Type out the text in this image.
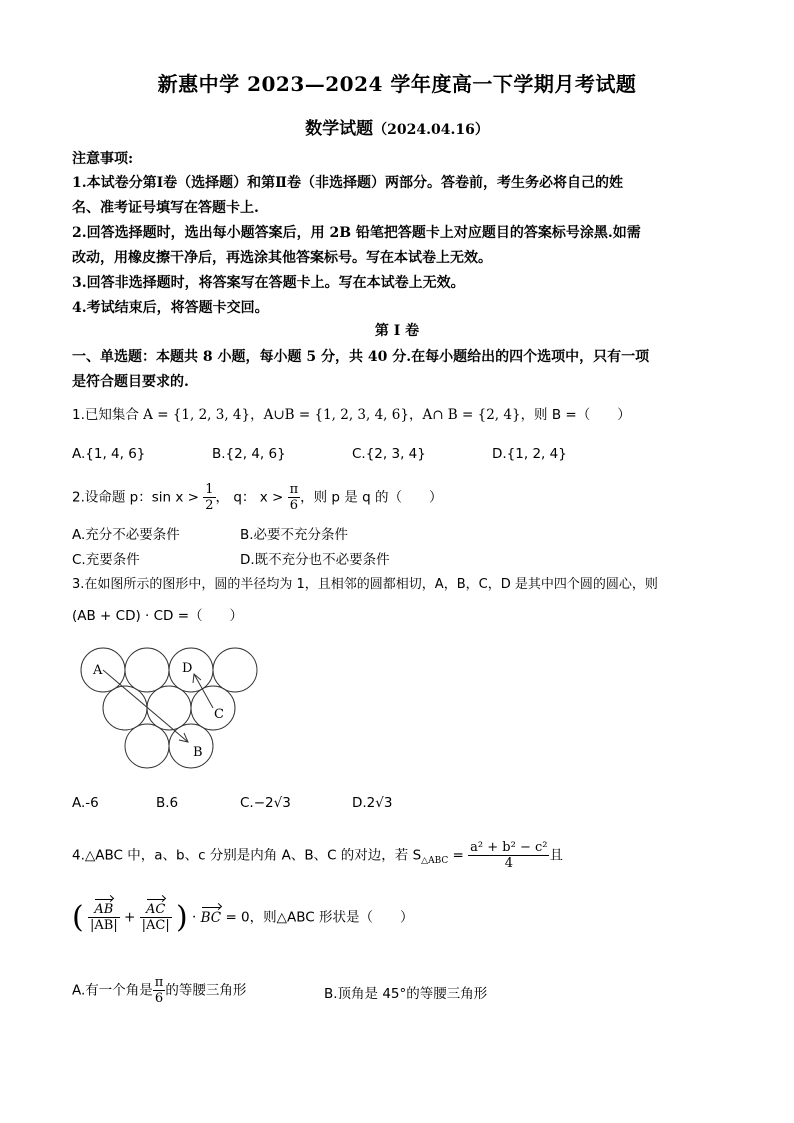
新惠中学 2023—2024 学年度高一下学期月考试题
数学试题（2024.04.16）
注意事项:
1.本试卷分第Ⅰ卷（选择题）和第Ⅱ卷（非选择题）两部分。答卷前，考生务必将自己的姓
名、准考证号填写在答题卡上.
2.回答选择题时，选出每小题答案后，用 2B 铅笔把答题卡上对应题目的答案标号涂黑.如需
改动，用橡皮擦干净后，再选涂其他答案标号。写在本试卷上无效。
3.回答非选择题时，将答案写在答题卡上。写在本试卷上无效。
4.考试结束后，将答题卡交回。
第 I 卷
一、单选题：本题共 8 小题，每小题 5 分，共 40 分.在每小题给出的四个选项中，只有一项
是符合题目要求的.
1.已知集合 A = {1, 2, 3, 4}，A∪B = {1, 2, 3, 4, 6}，A∩ B = {2, 4}，则 B =（　　）
A.{1, 4, 6}	B.{2, 4, 6}	C.{2, 3, 4}	D.{1, 2, 4}
2.设命题 p：$\sin x > \frac{1}{2}$ ， q： $x > \frac{\pi}{6}$ ，则 p 是 q 的（　　）
A.充分不必要条件	B.必要不充分条件
C.充要条件	D.既不充分也不必要条件
3.在如图所示的图形中，圆的半径均为 1，且相邻的圆都相切，A，B，C，D 是其中四个圆的圆心，则
(AB + CD) · CD =（　　）
A	D
C
B
A.-6	B.6	C.−2√3	D.2√3
4.△ABC 中，a、b、c 分别是内角 A、B、C 的对边，若 $S_{\triangle ABC} = \frac{\text{a² + b² − c²}}{4}$ 且
( $\frac{AB}{|AB|} + \frac{AC}{|AC|}$ ) · BC = 0，则△ABC 形状是（　　）
A.有一个角是 $\frac{\pi}{6}$ 的等腰三角形	B.顶角是 45°的等腰三角形
